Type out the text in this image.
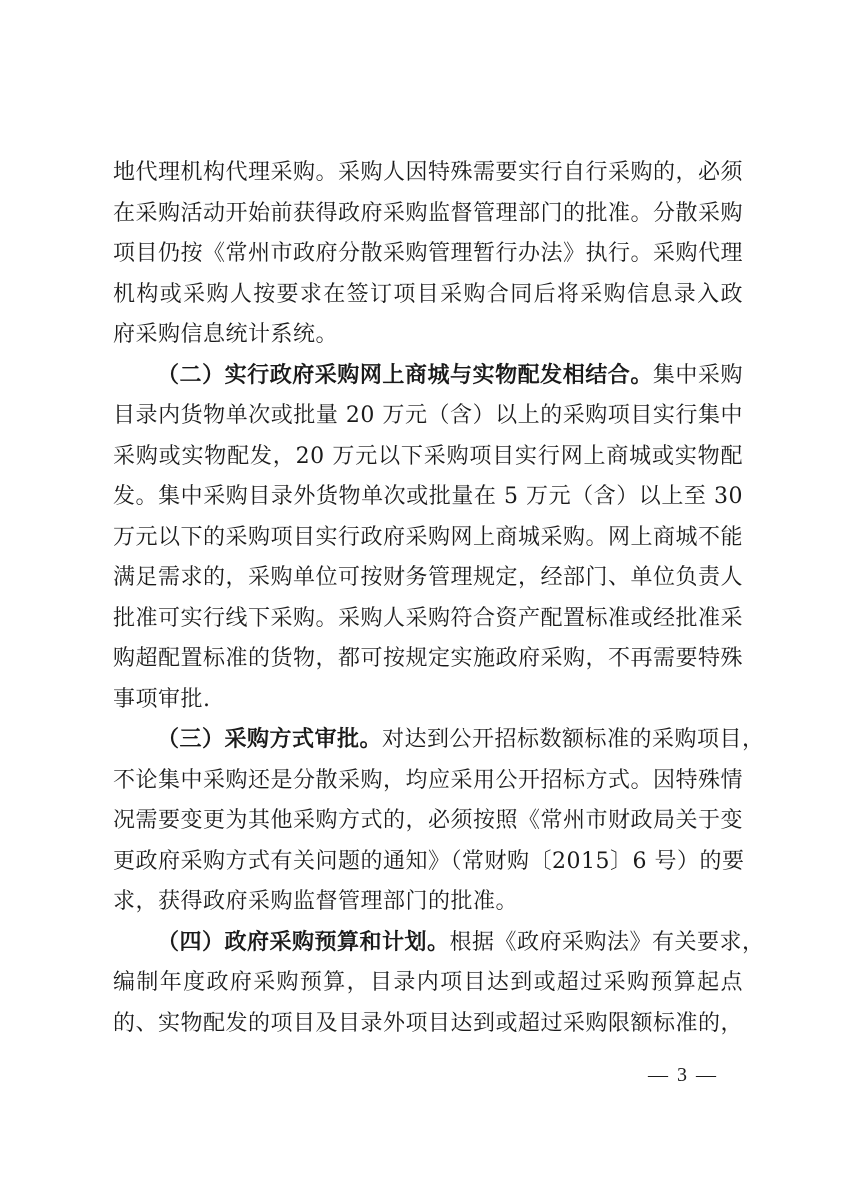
地代理机构代理采购。采购人因特殊需要实行自行采购的，必须
在采购活动开始前获得政府采购监督管理部门的批准。分散采购
项目仍按《常州市政府分散采购管理暂行办法》执行。采购代理
机构或采购人按要求在签订项目采购合同后将采购信息录入政
府采购信息统计系统。
（二）实行政府采购网上商城与实物配发相结合。集中采购
目录内货物单次或批量 20 万元（含）以上的采购项目实行集中
采购或实物配发，20 万元以下采购项目实行网上商城或实物配
发。集中采购目录外货物单次或批量在 5 万元（含）以上至 30
万元以下的采购项目实行政府采购网上商城采购。网上商城不能
满足需求的，采购单位可按财务管理规定，经部门、单位负责人
批准可实行线下采购。采购人采购符合资产配置标准或经批准采
购超配置标准的货物，都可按规定实施政府采购，不再需要特殊
事项审批.
（三）采购方式审批。对达到公开招标数额标准的采购项目，
不论集中采购还是分散采购，均应采用公开招标方式。因特殊情
况需要变更为其他采购方式的，必须按照《常州市财政局关于变
更政府采购方式有关问题的通知》（常财购〔2015〕6 号）的要
求，获得政府采购监督管理部门的批准。
（四）政府采购预算和计划。根据《政府采购法》有关要求，
编制年度政府采购预算，目录内项目达到或超过采购预算起点
的、实物配发的项目及目录外项目达到或超过采购限额标准的，
— 3 —
